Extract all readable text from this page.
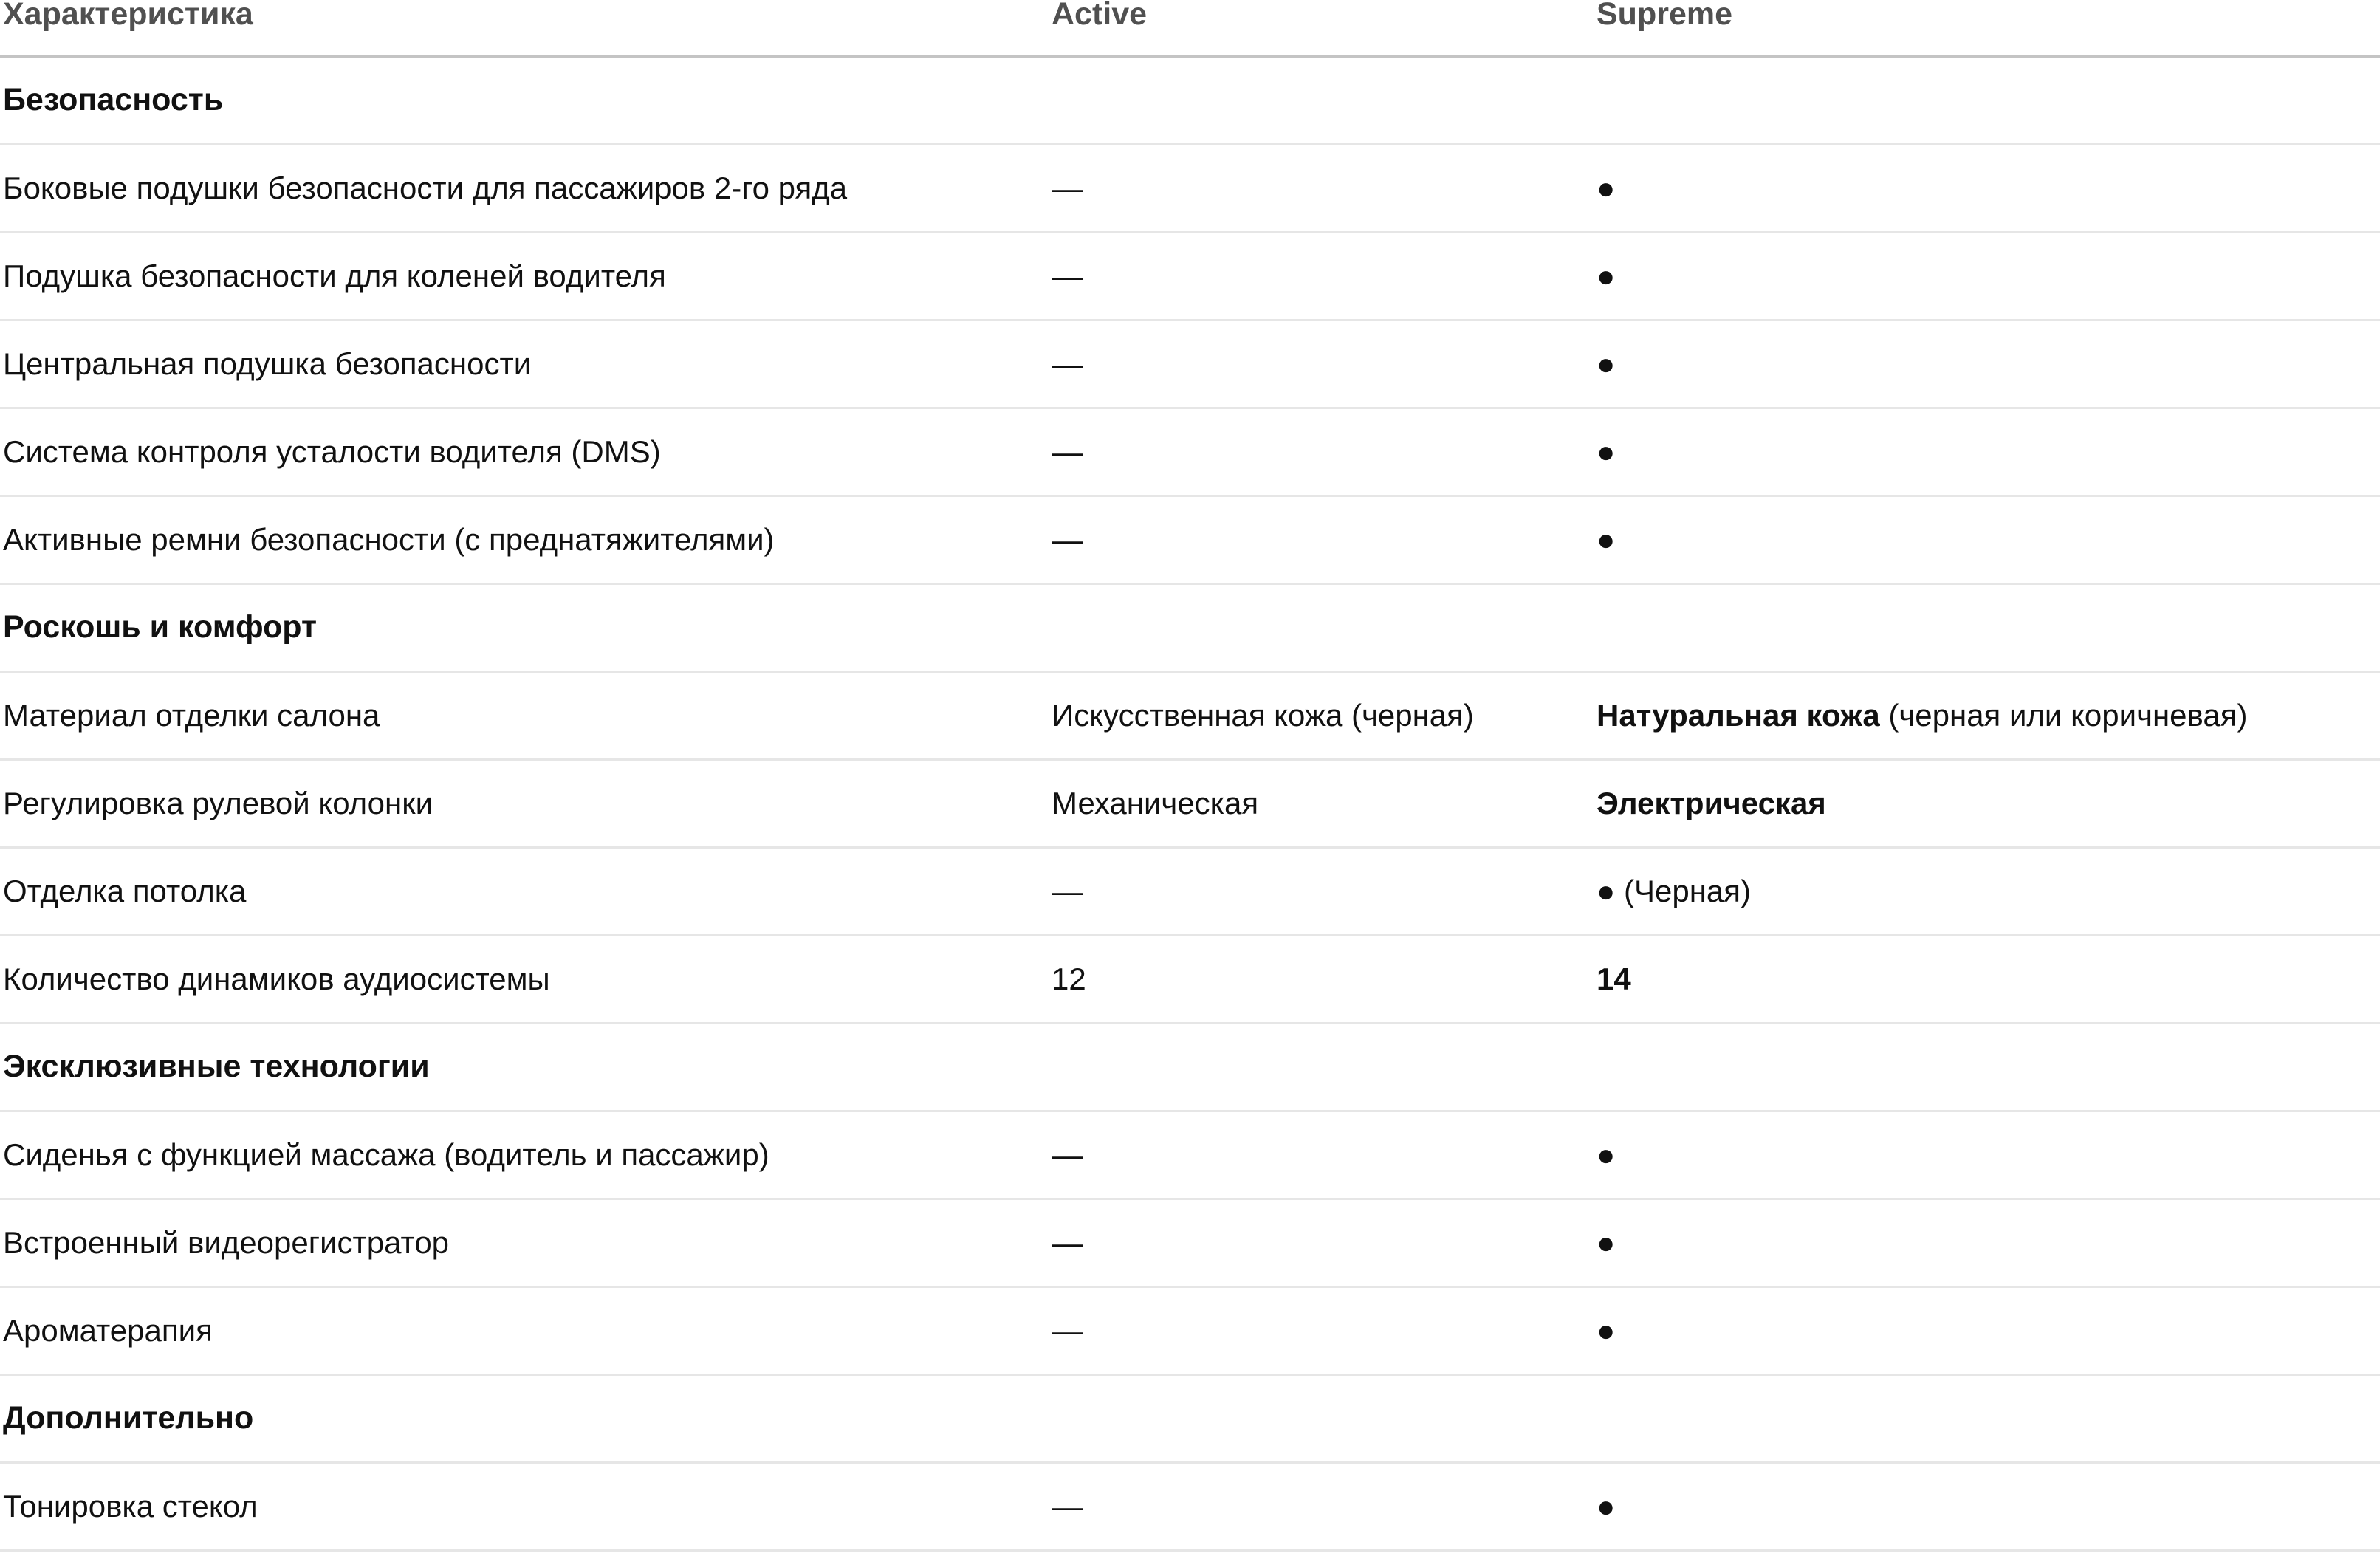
Характеристика	Active	Supreme
Безопасность		
Боковые подушки безопасности для пассажиров 2-го ряда	—	●
Подушка безопасности для коленей водителя	—	●
Центральная подушка безопасности	—	●
Система контроля усталости водителя (DMS)	—	●
Активные ремни безопасности (с преднатяжителями)	—	●
Роскошь и комфорт		
Материал отделки салона	Искусственная кожа (черная)	Натуральная кожа (черная или коричневая)
Регулировка рулевой колонки	Механическая	Электрическая
Отделка потолка	—	● (Черная)
Количество динамиков аудиосистемы	12	14
Эксклюзивные технологии		
Сиденья с функцией массажа (водитель и пассажир)	—	●
Встроенный видеорегистратор	—	●
Ароматерапия	—	●
Дополнительно		
Тонировка стекол	—	●
